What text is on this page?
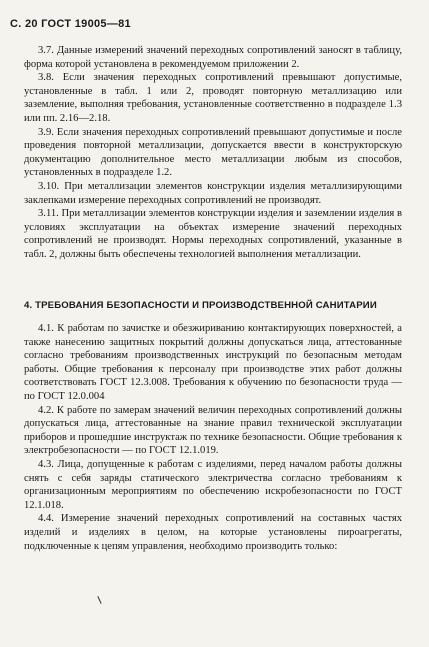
С. 20 ГОСТ 19005—81

3.7. Данные измерений значений переходных сопротивлений заносят в таблицу, форма которой установлена в рекомендуемом приложении 2.

3.8. Если значения переходных сопротивлений превышают допустимые, установленные в табл. 1 или 2, проводят повторную металлизацию или заземление, выполняя требования, установленные соответственно в подразделе 1.3 или пп. 2.16—2.18.

3.9. Если значения переходных сопротивлений превышают допустимые и после проведения повторной металлизации, допускается ввести в конструкторскую документацию дополнительное место металлизации любым из способов, установленных в подразделе 1.2.

3.10. При металлизации элементов конструкции изделия металлизирующими заклепками измерение переходных сопротивлений не производят.

3.11. При металлизации элементов конструкции изделия и заземлении изделия в условиях эксплуатации на объектах измерение значений переходных сопротивлений не производят. Нормы переходных сопротивлений, указанные в табл. 2, должны быть обеспечены технологией выполнения металлизации.

4. ТРЕБОВАНИЯ БЕЗОПАСНОСТИ И ПРОИЗВОДСТВЕННОЙ САНИТАРИИ

4.1. К работам по зачистке и обезжириванию контактирующих поверхностей, а также нанесению защитных покрытий должны допускаться лица, аттестованные согласно требованиям производственных инструкций по безопасным методам работы. Общие требования к персоналу при производстве этих работ должны соответствовать ГОСТ 12.3.008. Требования к обучению по безопасности труда — по ГОСТ 12.0.004

4.2. К работе по замерам значений величин переходных сопротивлений должны допускаться лица, аттестованные на знание правил технической эксплуатации приборов и прошедшие инструктаж по технике безопасности. Общие требования к электробезопасности — по ГОСТ 12.1.019.

4.3. Лица, допущенные к работам с изделиями, перед началом работы должны снять с себя заряды статического электричества согласно требованиям к организационным мероприятиям по обеспечению искробезопасности по ГОСТ 12.1.018.

4.4. Измерение значений переходных сопротивлений на составных частях изделий и изделиях в целом, на которые установлены пироагрегаты, подключенные к цепям управления, необходимо производить только:
